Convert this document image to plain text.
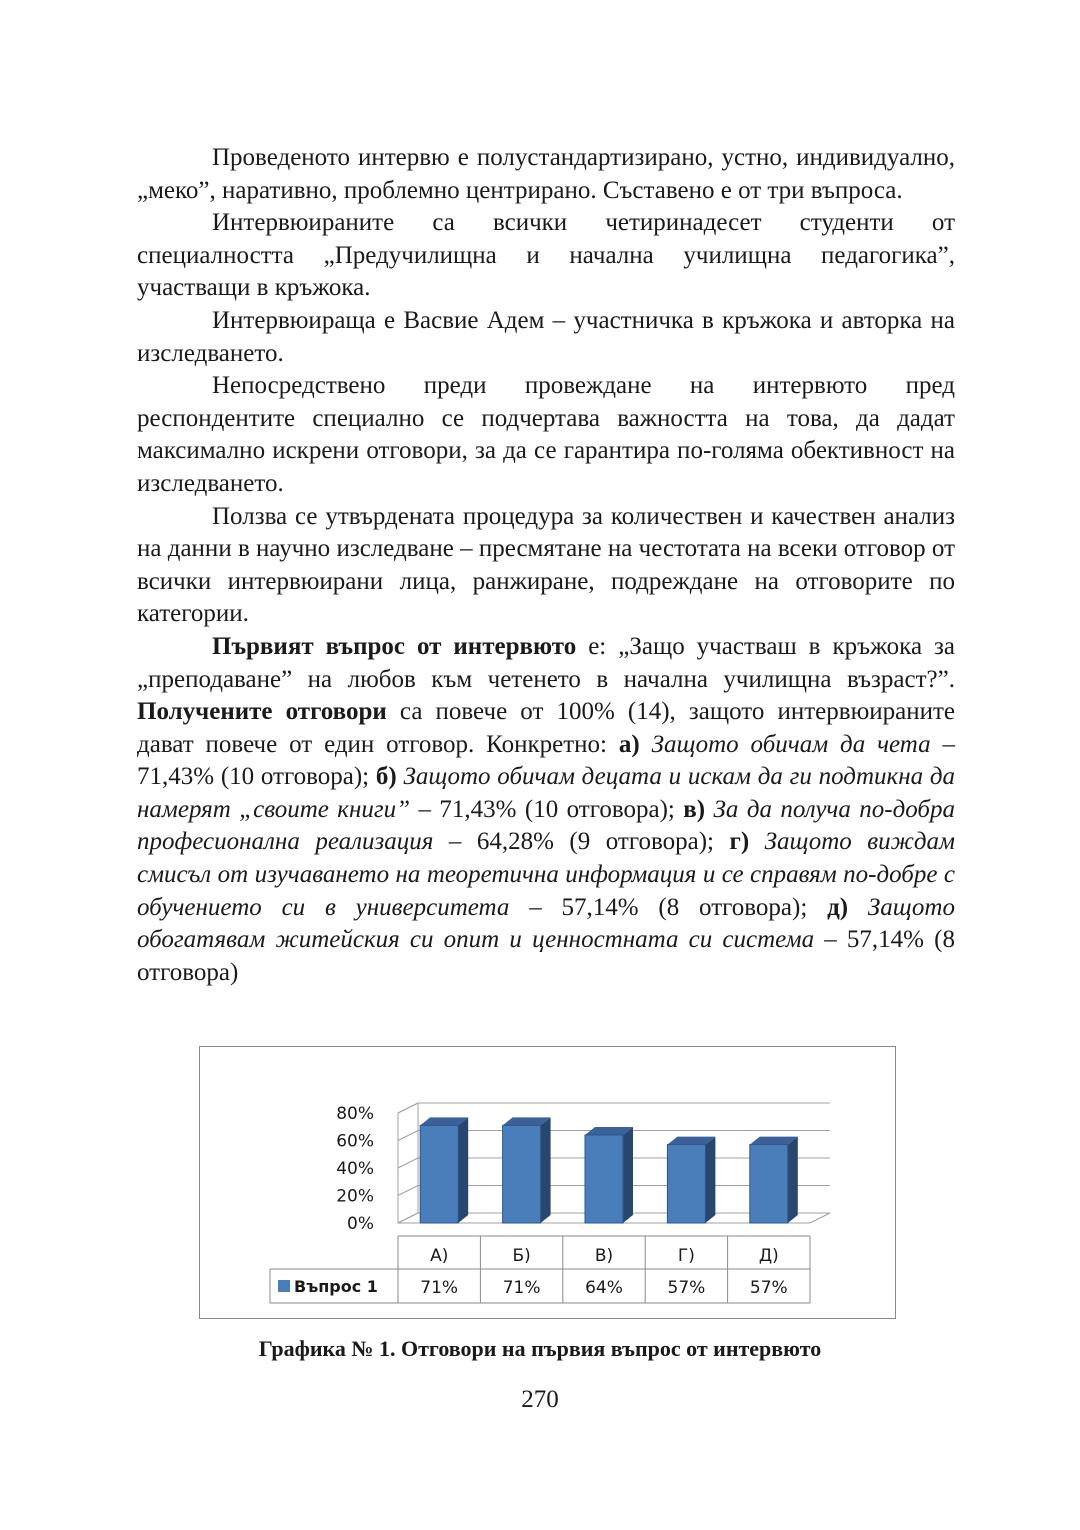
Проведеното интервю е полустандартизирано, устно, индивидуално, „меко”, наративно, проблемно центрирано. Съставено е от три въпроса.

Интервюираните са всички четиринадесет студенти от специалността „Предучилищна и начална училищна педагогика”, участващи в кръжока.

Интервюираща е Васвие Адем – участничка в кръжока и авторка на изследването.

Непосредствено преди провеждане на интервюто пред респондентите специално се подчертава важността на това, да дадат максимално искрени отговори, за да се гарантира по-голяма обективност на изследването.

Ползва се утвърдената процедура за количествен и качествен анализ на данни в научно изследване – пресмятане на честотата на всеки отговор от всички интервюирани лица, ранжиране, подреждане на отговорите по категории.

Първият въпрос от интервюто е: „Защо участваш в кръжока за „преподаване” на любов към четенето в начална училищна възраст?”. Получените отговори са повече от 100% (14), защото интервюираните дават повече от един отговор. Конкретно: а) Защото обичам да чета – 71,43% (10 отговора); б) Защото обичам децата и искам да ги подтикна да намерят „своите книги” – 71,43% (10 отговора); в) За да получа по-добра професионална реализация – 64,28% (9 отговора); г) Защото виждам смисъл от изучаването на теоретична информация и се справям по-добре с обучението си в университета – 57,14% (8 отговора); д) Защото обогатявам житейския си опит и ценностната си система – 57,14% (8 отговора)

80%
60%
40%
20%
0%
А)	Б)	В)	Г)	Д)
71%	71%	64%	57%	57%
Въпрос 1
Графика № 1. Отговори на първия въпрос от интервюто
270
